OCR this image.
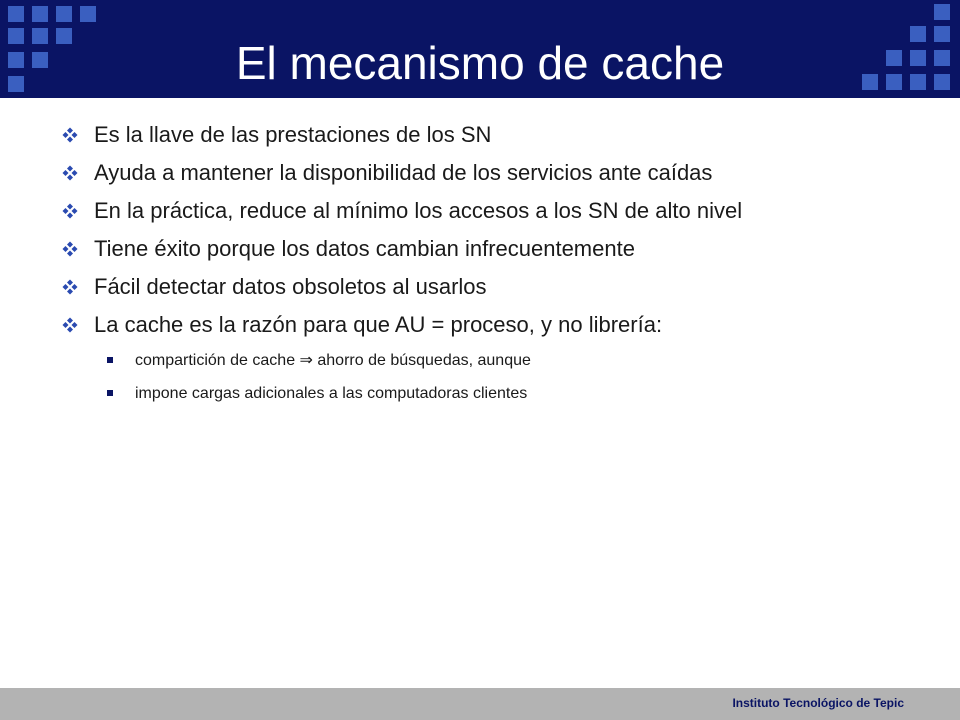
El mecanismo de cache
Es la llave de las prestaciones de los SN
Ayuda a mantener la disponibilidad de los servicios ante caídas
En la práctica, reduce al mínimo los accesos a los SN de alto nivel
Tiene éxito porque los datos cambian infrecuentemente
Fácil detectar datos obsoletos al usarlos
La cache es la razón para que AU = proceso, y no librería:
compartición de cache ⇒ ahorro de búsquedas, aunque
impone cargas adicionales a las computadoras clientes
Instituto Tecnológico de Tepic
